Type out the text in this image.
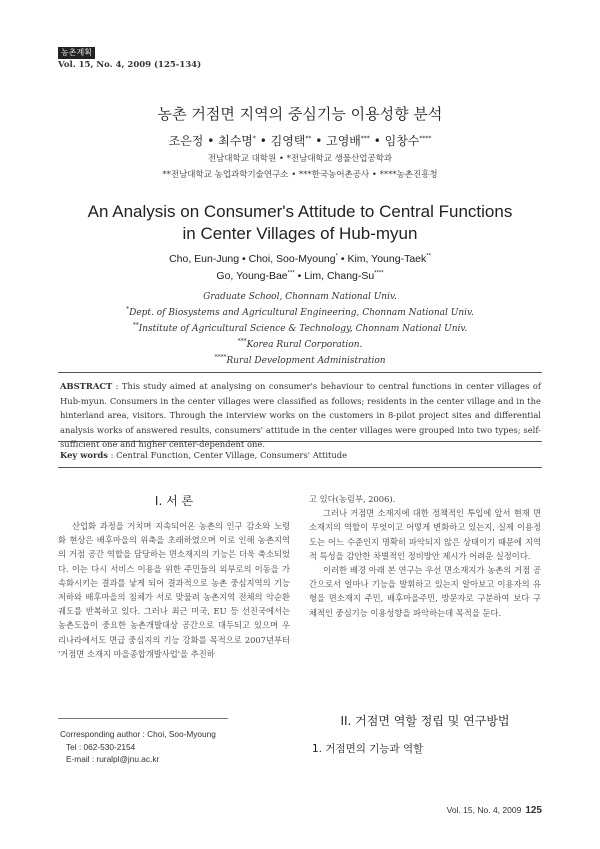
농촌계획
Vol. 15, No. 4, 2009 (125-134)
농촌 거점면 지역의 중심기능 이용성향 분석
조은정 • 최수명* • 김영택** • 고영배*** • 임창수****
전남대학교 대학원 • *전남대학교 생물산업공학과
**전남대학교 농업과학기술연구소 • ***한국농어촌공사 • ****농촌진흥청
An Analysis on Consumer's Attitude to Central Functions
in Center Villages of Hub-myun
Cho, Eun-Jung • Choi, Soo-Myoung* • Kim, Young-Taek**
Go, Young-Bae*** • Lim, Chang-Su****
Graduate School, Chonnam National Univ.
*Dept. of Biosystems and Agricultural Engineering, Chonnam National Univ.
**Institute of Agricultural Science & Technology, Chonnam National Univ.
***Korea Rural Corporation.
****Rural Development Administration
ABSTRACT : This study aimed at analysing on consumer's behaviour to central functions in center villages of Hub-myun. Consumers in the center villages were classified as follows; residents in the center village and in the hinterland area, visitors. Through the interview works on the customers in 8-pilot project sites and differential analysis works of answered results, consumers' attitude in the center villages were grouped into two types; self-sufficient one and higher center-dependent one.
Key words : Central Function, Center Village, Consumers' Attitude
I. 서 론

산업화 과정을 거치며 지속되어온 농촌의 인구 감소와 노령화 현상은 배후마을의 위축을 초래하였으며 이로 인해 농촌지역의 거점 공간 역할을 담당하는 면소재지의 기능은 더욱 축소되었다. 이는 다시 서비스 이용을 위한 주민들의 외부로의 이동을 가속화시키는 결과를 낳게 되어 결과적으로 농촌 중심지역의 기능 저하와 배후마을의 침체가 서로 맞물려 농촌지역 전체의 악순환 궤도를 반복하고 있다. 그러나 최근 미국, EU 등 선진국에서는 농촌도읍이 중요한 농촌개발대상 공간으로 대두되고 있으며 우리나라에서도 면급 중심지의 기능 강화를 목적으로 2007년부터 '거점면 소재지 마을종합개발사업'을 추진하

Corresponding author : Choi, Soo-Myoung
Tel : 062-530-2154
E-mail : ruralpl@jnu.ac.kr
고 있다(농림부, 2006).

그러나 거점면 소재지에 대한 정책적인 투입에 앞서 현재 면소재지의 역할이 무엇이고 어떻게 변화하고 있는지, 실제 이용정도는 어느 수준인지 명확히 파악되지 않은 상태이기 때문에 지역적 특성을 감안한 차별적인 정비방안 제시가 어려운 실정이다.

이러한 배경 아래 본 연구는 우선 면소재지가 농촌의 거점 공간으로서 얼마나 기능을 발휘하고 있는지 알아보고 이용자의 유형을 면소재지 주민, 배후마을주민, 방문자로 구분하여 보다 구체적인 중심기능 이용성향을 파악하는데 목적을 둔다.

II. 거점면 역할 정립 및 연구방법
1. 거점면의 기능과 역할
Vol. 15, No. 4, 2009 125
